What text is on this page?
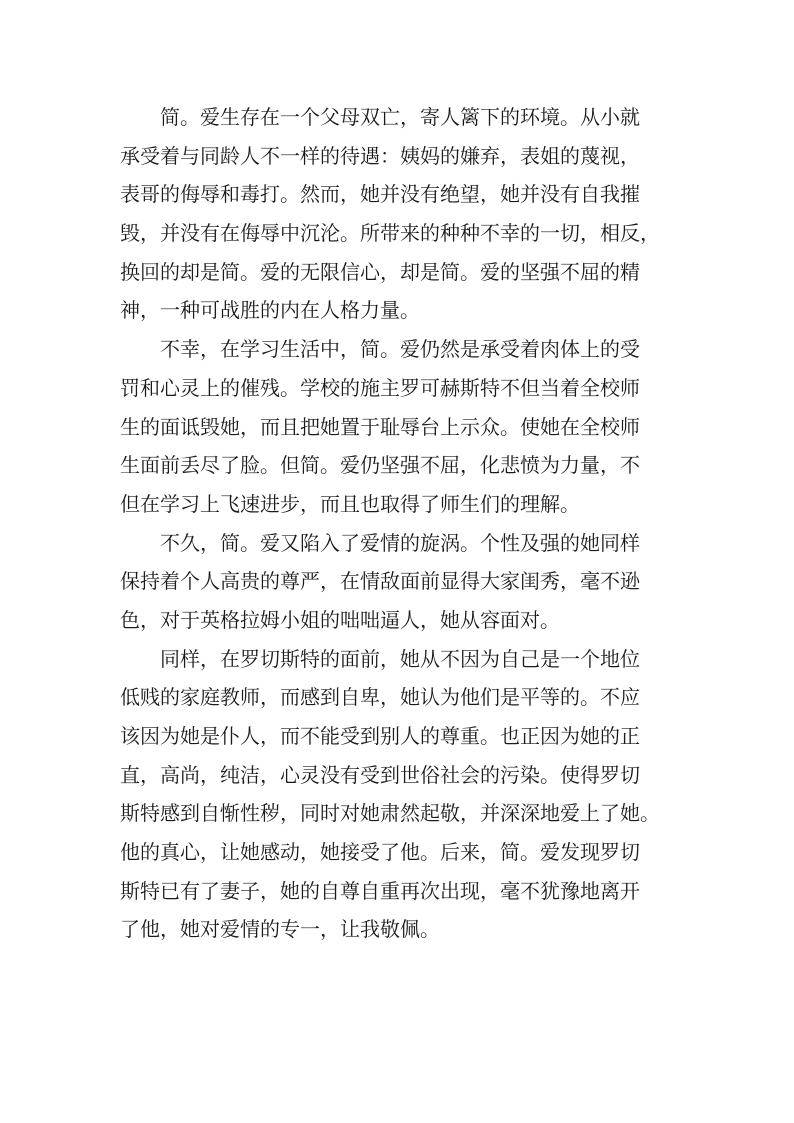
简。爱生存在一个父母双亡，寄人篱下的环境。从小就
承受着与同龄人不一样的待遇：姨妈的嫌弃，表姐的蔑视，
表哥的侮辱和毒打。然而，她并没有绝望，她并没有自我摧
毁，并没有在侮辱中沉沦。所带来的种种不幸的一切，相反，
换回的却是简。爱的无限信心，却是简。爱的坚强不屈的精
神，一种可战胜的内在人格力量。
不幸，在学习生活中，简。爱仍然是承受着肉体上的受
罚和心灵上的催残。学校的施主罗可赫斯特不但当着全校师
生的面诋毁她，而且把她置于耻辱台上示众。使她在全校师
生面前丢尽了脸。但简。爱仍坚强不屈，化悲愤为力量，不
但在学习上飞速进步，而且也取得了师生们的理解。
不久，简。爱又陷入了爱情的旋涡。个性及强的她同样
保持着个人高贵的尊严，在情敌面前显得大家闺秀，毫不逊
色，对于英格拉姆小姐的咄咄逼人，她从容面对。
同样，在罗切斯特的面前，她从不因为自己是一个地位
低贱的家庭教师，而感到自卑，她认为他们是平等的。不应
该因为她是仆人，而不能受到别人的尊重。也正因为她的正
直，高尚，纯洁，心灵没有受到世俗社会的污染。使得罗切
斯特感到自惭性秽，同时对她肃然起敬，并深深地爱上了她。
他的真心，让她感动，她接受了他。后来，简。爱发现罗切
斯特已有了妻子，她的自尊自重再次出现，毫不犹豫地离开
了他，她对爱情的专一，让我敬佩。
